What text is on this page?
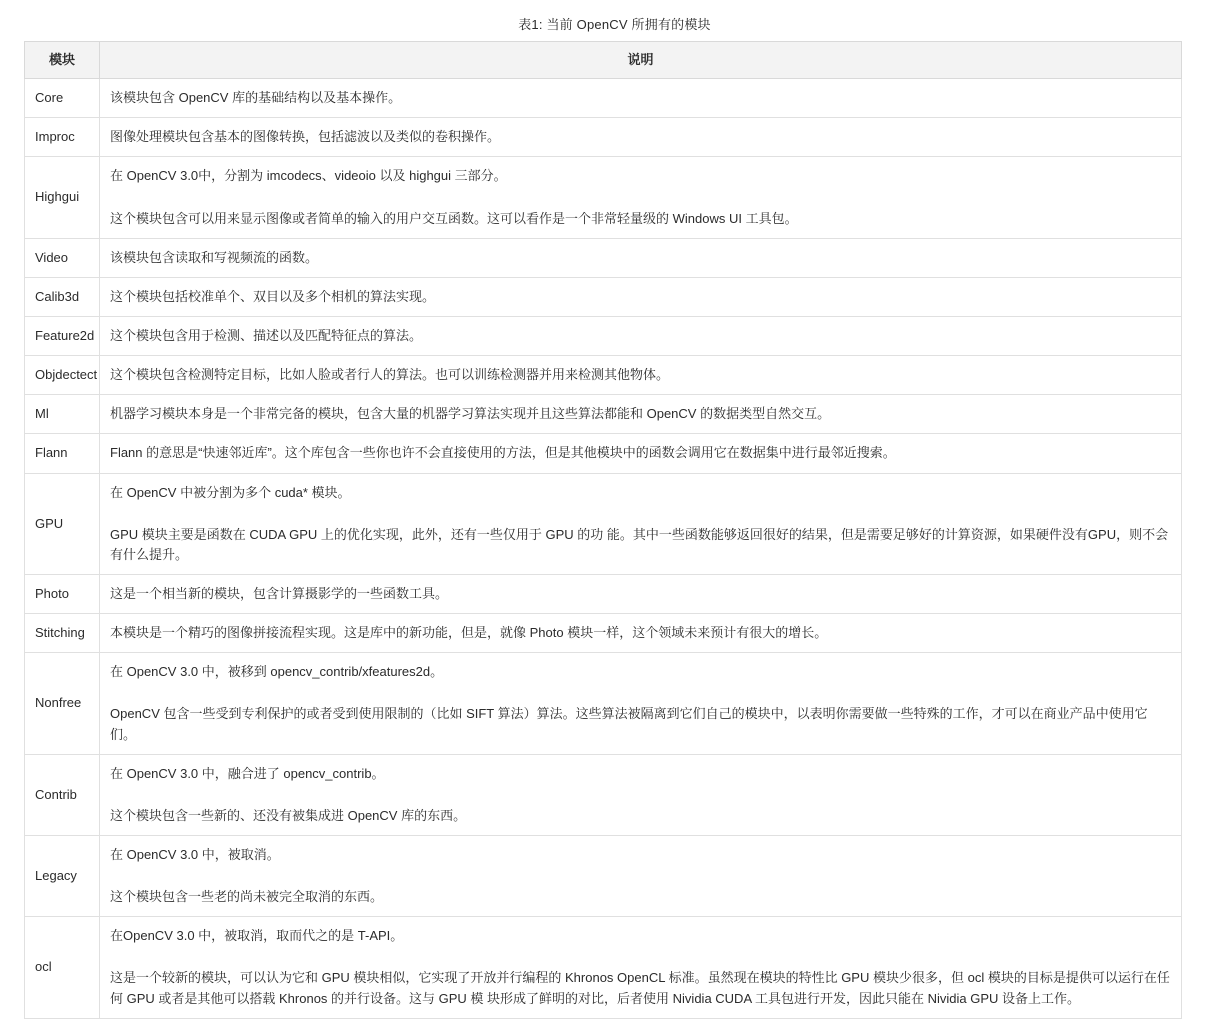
表1: 当前 OpenCV 所拥有的模块
模块	说明
Core	该模块包含 OpenCV 库的基础结构以及基本操作。

Improc	图像处理模块包含基本的图像转换，包括滤波以及类似的卷积操作。

Highgui	在 OpenCV 3.0中，分割为 imcodecs、videoio 以及 highgui 三部分。

这个模块包含可以用来显示图像或者简单的输入的用户交互函数。这可以看作是一个非常轻量级的 Windows UI 工具包。

Video	该模块包含读取和写视频流的函数。

Calib3d	这个模块包括校准单个、双目以及多个相机的算法实现。

Feature2d	这个模块包含用于检测、描述以及匹配特征点的算法。

Objdectect	这个模块包含检测特定目标，比如人脸或者行人的算法。也可以训练检测器并用来检测其他物体。

Ml	机器学习模块本身是一个非常完备的模块，包含大量的机器学习算法实现并且这些算法都能和 OpenCV 的数据类型自然交互。

Flann	Flann 的意思是“快速邻近库”。这个库包含一些你也许不会直接使用的方法，但是其他模块中的函数会调用它在数据集中进行最邻近搜索。

GPU	在 OpenCV 中被分割为多个 cuda* 模块。

GPU 模块主要是函数在 CUDA GPU 上的优化实现，此外，还有一些仅用于 GPU 的功 能。其中一些函数能够返回很好的结果，但是需要足够好的计算资源，如果硬件没有GPU，则不会有什么提升。

Photo	这是一个相当新的模块，包含计算摄影学的一些函数工具。

Stitching	本模块是一个精巧的图像拼接流程实现。这是库中的新功能，但是，就像 Photo 模块一样，这个领域未来预计有很大的增长。

Nonfree	在 OpenCV 3.0 中，被移到 opencv_contrib/xfeatures2d。

OpenCV 包含一些受到专利保护的或者受到使用限制的（比如 SIFT 算法）算法。这些算法被隔离到它们自己的模块中，以表明你需要做一些特殊的工作，才可以在商业产品中使用它们。

Contrib	在 OpenCV 3.0 中，融合进了 opencv_contrib。

这个模块包含一些新的、还没有被集成进 OpenCV 库的东西。

Legacy	在 OpenCV 3.0 中，被取消。

这个模块包含一些老的尚未被完全取消的东西。

ocl	在OpenCV 3.0 中，被取消，取而代之的是 T-API。

这是一个较新的模块，可以认为它和 GPU 模块相似，它实现了开放并行编程的 Khronos OpenCL 标准。虽然现在模块的特性比 GPU 模块少很多，但 ocl 模块的目标是提供可以运行在任何 GPU 或者是其他可以搭载 Khronos 的并行设备。这与 GPU 模 块形成了鲜明的对比，后者使用 Nividia CUDA 工具包进行开发，因此只能在 Nividia GPU 设备上工作。
